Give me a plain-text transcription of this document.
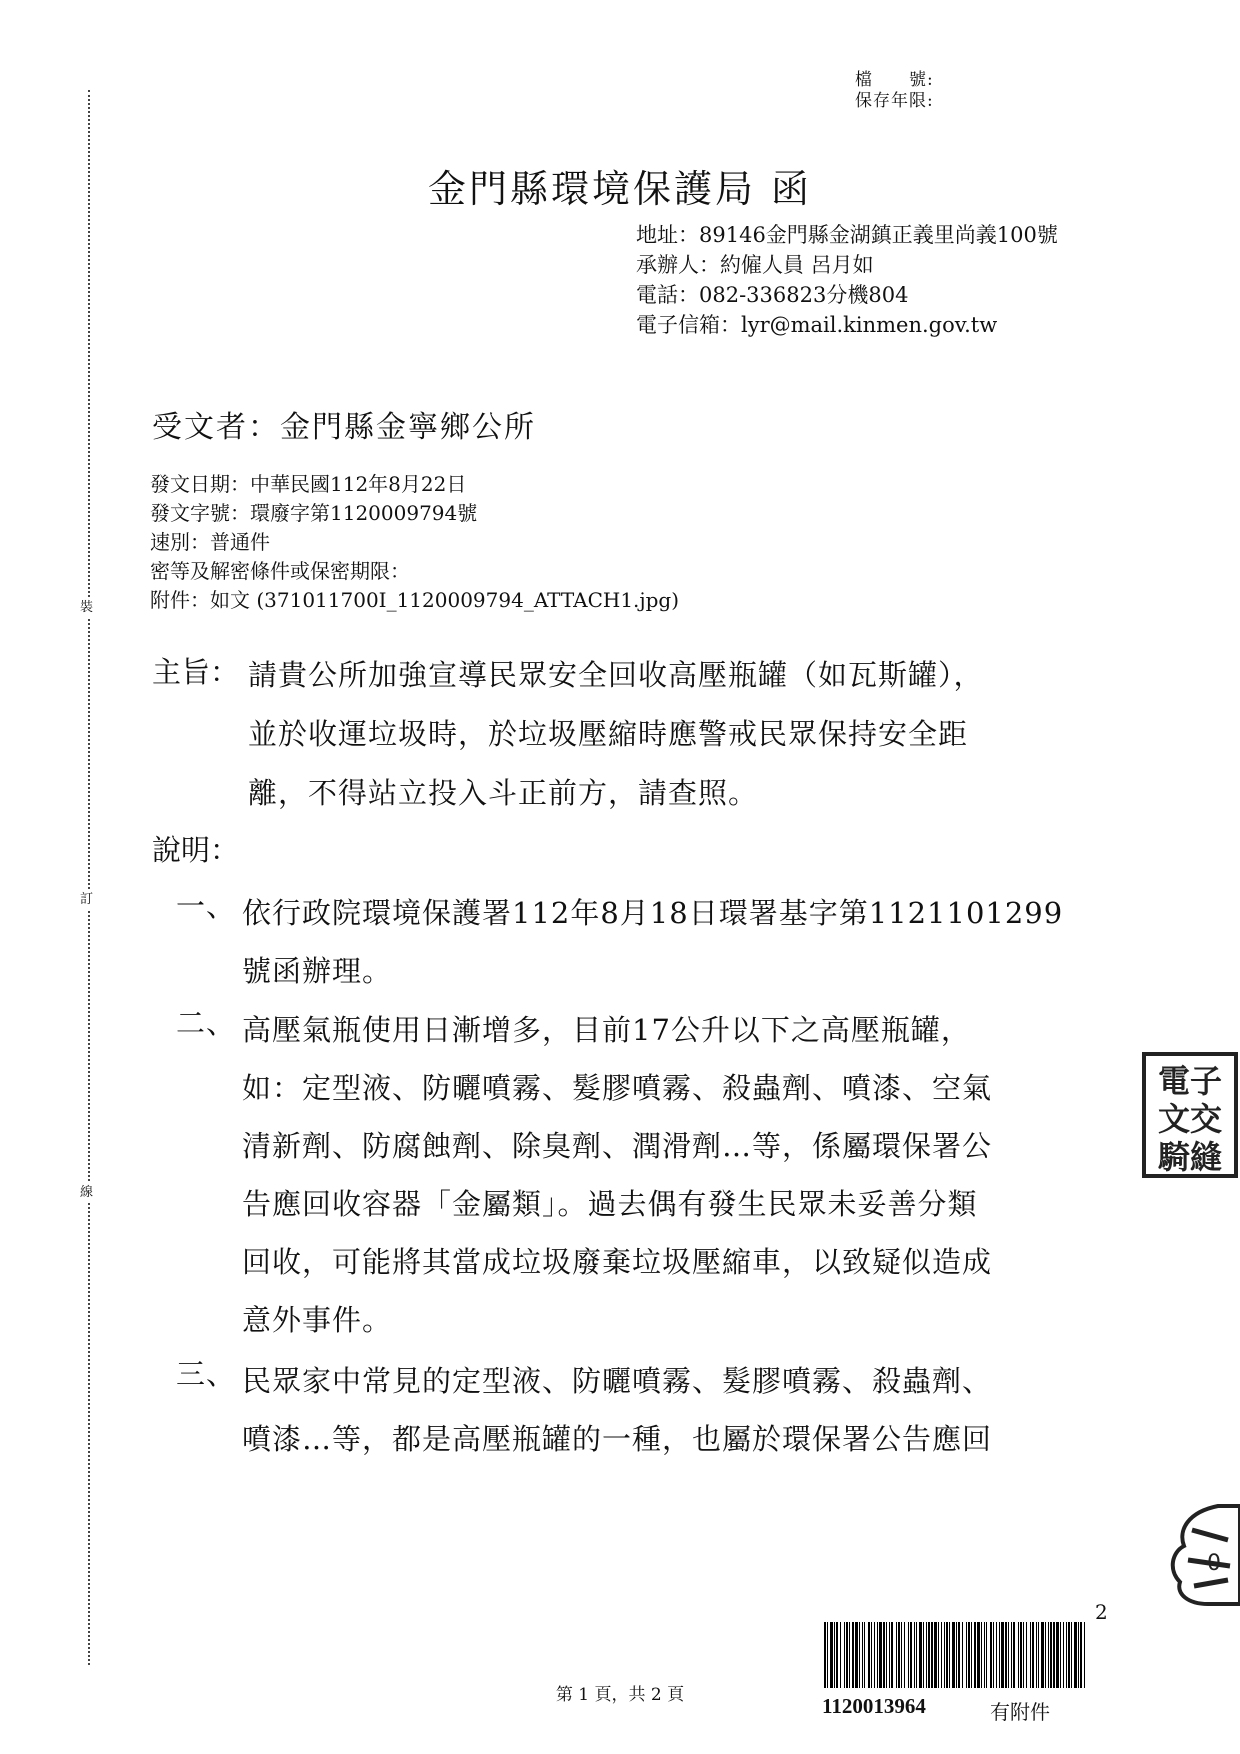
裝
訂
線
檔　　號:
保存年限:
金門縣環境保護局 函
地址：89146金門縣金湖鎮正義里尚義100號
承辦人：約僱人員 呂月如
電話：082-336823分機804
電子信箱：lyr@mail.kinmen.gov.tw
受文者：金門縣金寧鄉公所
發文日期：中華民國112年8月22日
發文字號：環廢字第1120009794號
速別：普通件
密等及解密條件或保密期限：
附件：如文 (371011700I_1120009794_ATTACH1.jpg)
主旨： 請貴公所加強宣導民眾安全回收高壓瓶罐（如瓦斯罐），
並於收運垃圾時，於垃圾壓縮時應警戒民眾保持安全距
離，不得站立投入斗正前方，請查照。
說明：
一、 依行政院環境保護署112年8月18日環署基字第1121101299
號函辦理。
二、 高壓氣瓶使用日漸增多，目前17公升以下之高壓瓶罐，
如：定型液、防曬噴霧、髮膠噴霧、殺蟲劑、噴漆、空氣
清新劑、防腐蝕劑、除臭劑、潤滑劑…等，係屬環保署公
告應回收容器「金屬類」。過去偶有發生民眾未妥善分類
回收，可能將其當成垃圾廢棄垃圾壓縮車，以致疑似造成
意外事件。
三、 民眾家中常見的定型液、防曬噴霧、髮膠噴霧、殺蟲劑、
噴漆…等，都是高壓瓶罐的一種，也屬於環保署公告應回
電子
文交
騎縫
0
2
1120013964	有附件
第 1 頁，共 2 頁
